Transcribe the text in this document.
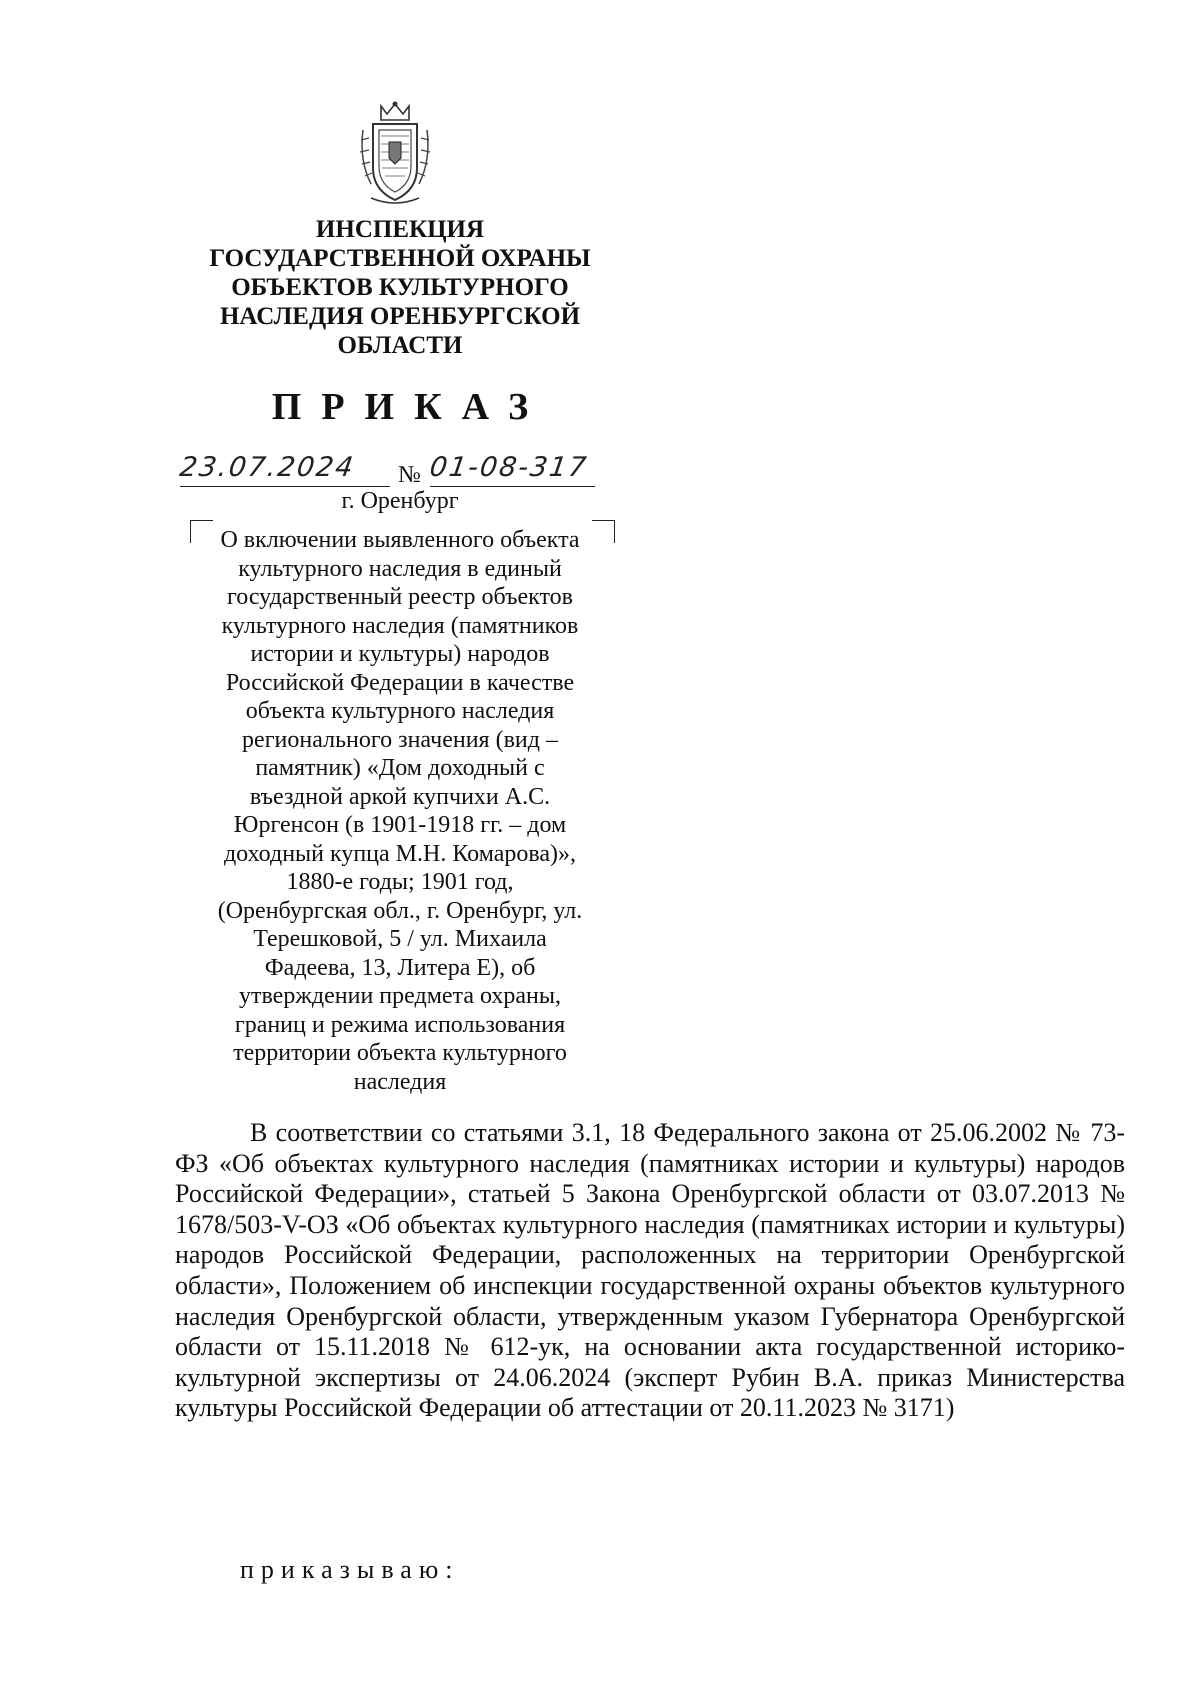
ИНСПЕКЦИЯ
ГОСУДАРСТВЕННОЙ ОХРАНЫ
ОБЪЕКТОВ КУЛЬТУРНОГО
НАСЛЕДИЯ ОРЕНБУРГСКОЙ
ОБЛАСТИ
ПРИКАЗ
23.07.2024 № 01-08-317
г. Оренбург
О включении выявленного объекта
культурного наследия в единый
государственный реестр объектов
культурного наследия (памятников
истории и культуры) народов
Российской Федерации в качестве
объекта культурного наследия
регионального значения (вид –
памятник) «Дом доходный с
въездной аркой купчихи А.С.
Юргенсон (в 1901-1918 гг. – дом
доходный купца М.Н. Комарова)»,
1880-е годы; 1901 год,
(Оренбургская обл., г. Оренбург, ул.
Терешковой, 5 / ул. Михаила
Фадеева, 13, Литера Е), об
утверждении предмета охраны,
границ и режима использования
территории объекта культурного
наследия
В соответствии со статьями 3.1, 18 Федерального закона от 25.06.2002 № 73-ФЗ «Об объектах культурного наследия (памятниках истории и культуры) народов Российской Федерации», статьей 5 Закона Оренбургской области от 03.07.2013 № 1678/503-V-ОЗ «Об объектах культурного наследия (памятниках истории и культуры) народов Российской Федерации, расположенных на территории Оренбургской области», Положением об инспекции государственной охраны объектов культурного наследия Оренбургской области, утвержденным указом Губернатора Оренбургской области от 15.11.2018 № 612-ук, на основании акта государственной историко-культурной экспертизы от 24.06.2024 (эксперт Рубин В.А. приказ Министерства культуры Российской Федерации об аттестации от 20.11.2023 № 3171)
приказываю:
